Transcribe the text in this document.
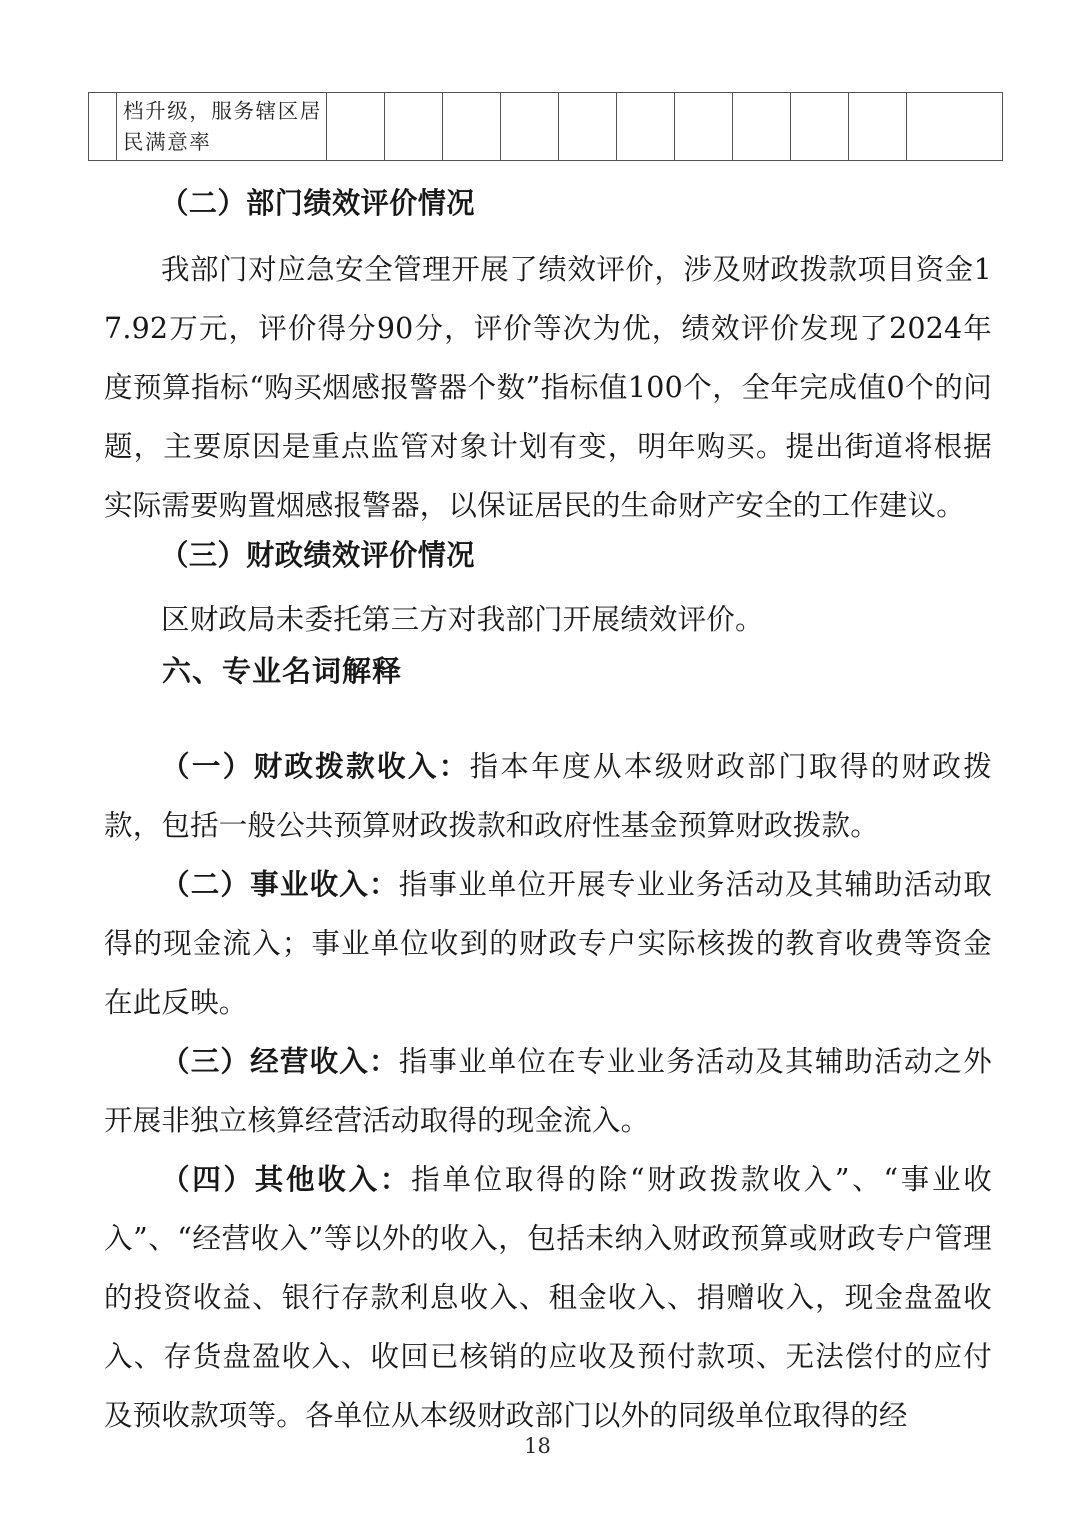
	档升级，服务辖区居民满意率											
（二）部门绩效评价情况
我部门对应急安全管理开展了绩效评价，涉及财政拨款项目资金17.92万元，评价得分90分，评价等次为优，绩效评价发现了2024年度预算指标“购买烟感报警器个数”指标值100个，全年完成值0个的问题，主要原因是重点监管对象计划有变，明年购买。提出街道将根据实际需要购置烟感报警器，以保证居民的生命财产安全的工作建议。
（三）财政绩效评价情况
区财政局未委托第三方对我部门开展绩效评价。
六、专业名词解释

（一）财政拨款收入：指本年度从本级财政部门取得的财政拨款，包括一般公共预算财政拨款和政府性基金预算财政拨款。

（二）事业收入：指事业单位开展专业业务活动及其辅助活动取得的现金流入；事业单位收到的财政专户实际核拨的教育收费等资金在此反映。

（三）经营收入：指事业单位在专业业务活动及其辅助活动之外开展非独立核算经营活动取得的现金流入。

（四）其他收入：指单位取得的除“财政拨款收入”、“事业收入”、“经营收入”等以外的收入，包括未纳入财政预算或财政专户管理的投资收益、银行存款利息收入、租金收入、捐赠收入，现金盘盈收入、存货盘盈收入、收回已核销的应收及预付款项、无法偿付的应付及预收款项等。各单位从本级财政部门以外的同级单位取得的经

18
